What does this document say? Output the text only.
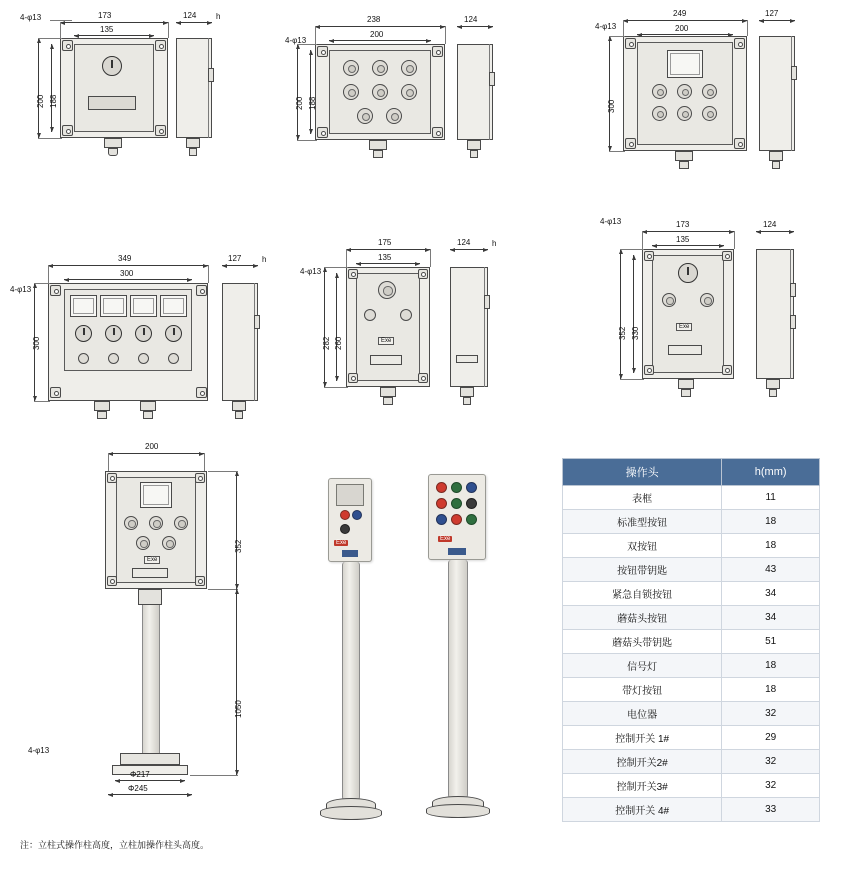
4-φ13	173
135
200 188
124 h
4-φ13
238
200
200 188
124
4-φ13
249
200
300
127
4-φ13
349
300
300
127	h
4-φ13
175
135
Exe
282 260
124	h
4-φ13	173
135
Exe
352 330
124
200
Exe
352
1050
4-φ13
Φ217
Φ245
Exe
Exe
操作头	h(mm)
表框	11
标准型按钮	18
双按钮	18
按钮带钥匙	43
紧急自锁按钮	34
蘑菇头按钮	34
蘑菇头带钥匙	51
信号灯	18
带灯按钮	18
电位器	32
控制开关 1#	29
控制开关2#	32
控制开关3#	32
控制开关 4#	33
注：立柱式操作柱高度，立柱加操作柱头高度。
